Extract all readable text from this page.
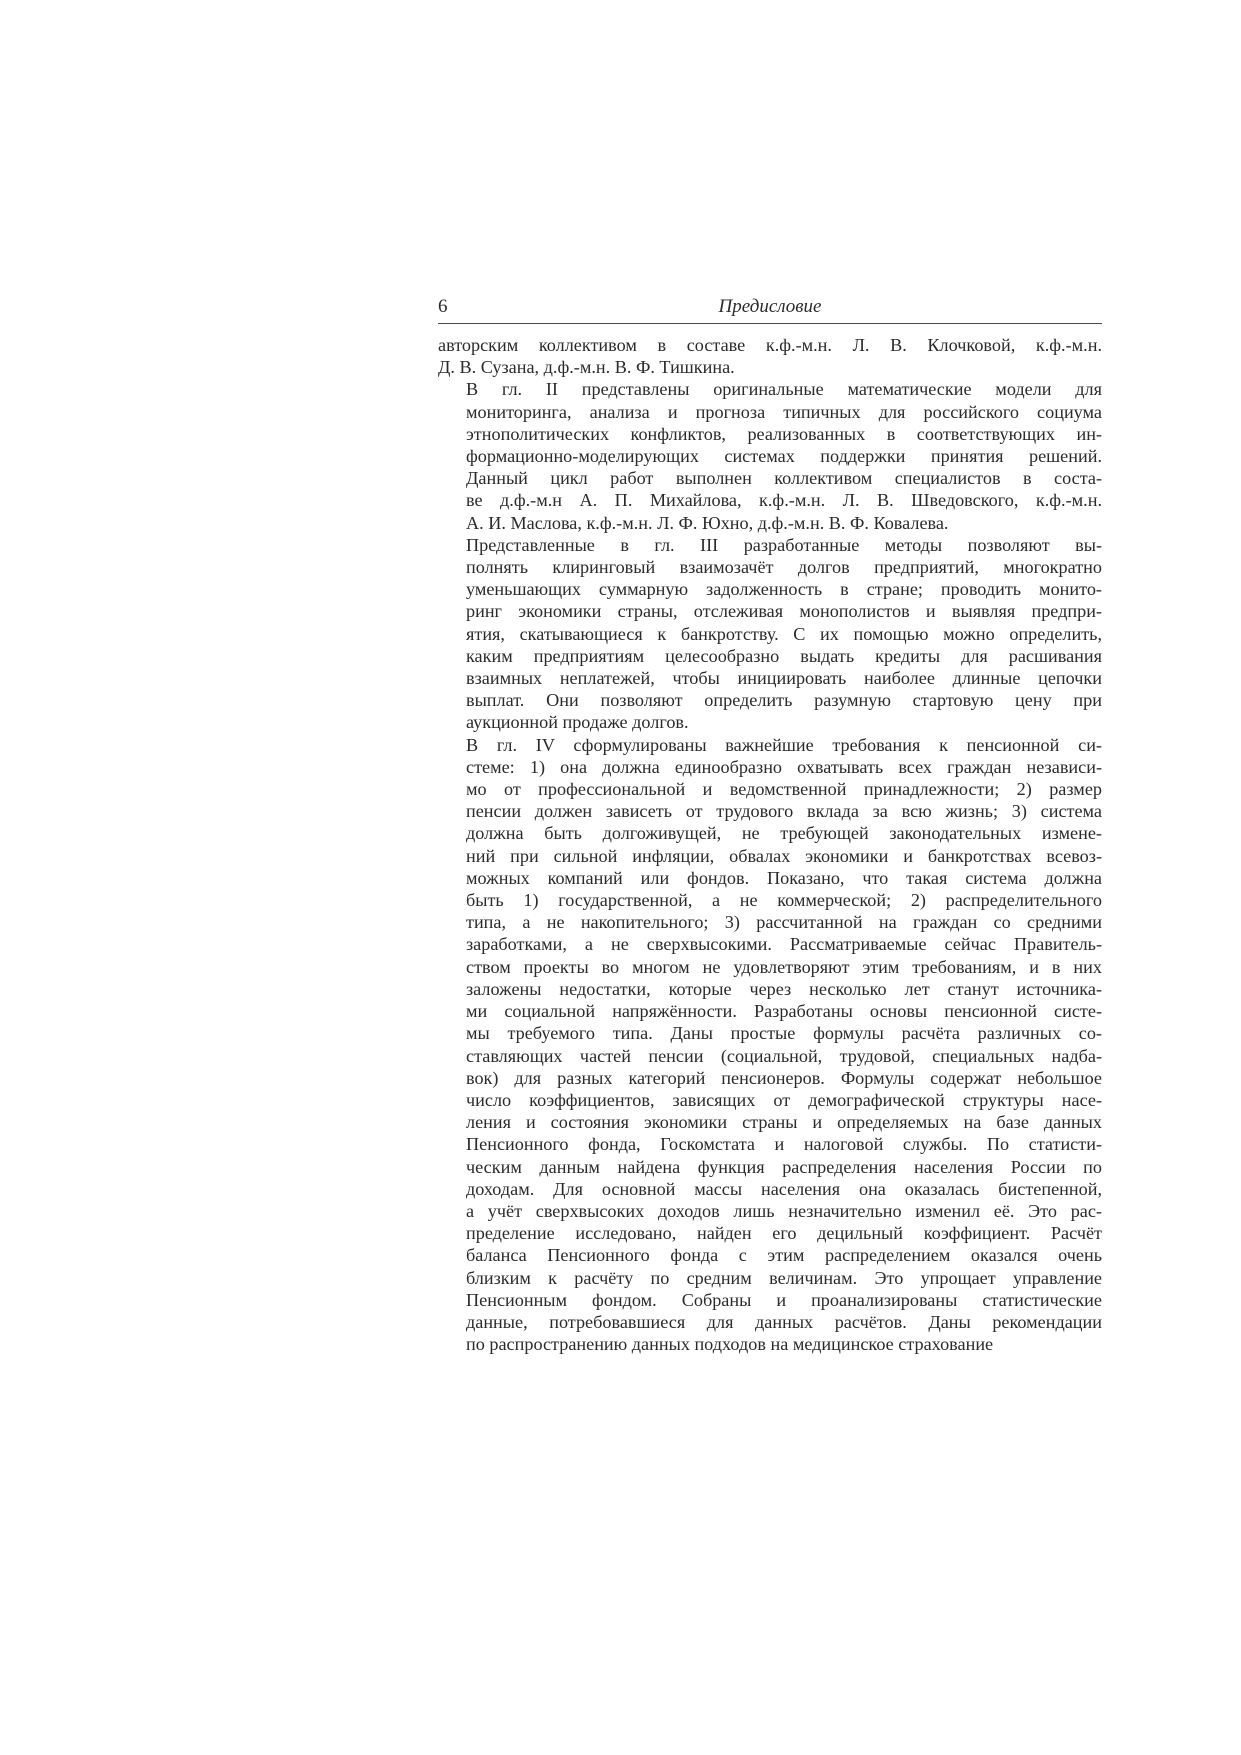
6	Предисловие

авторским коллективом в составе к.ф.-м.н. Л. В. Клочковой, к.ф.-м.н.
Д. В. Сузана, д.ф.-м.н. В. Ф. Тишкина.

В гл. II представлены оригинальные математические модели для
мониторинга, анализа и прогноза типичных для российского социума
этнополитических конфликтов, реализованных в соответствующих ин-
формационно-моделирующих системах поддержки принятия решений.
Данный цикл работ выполнен коллективом специалистов в соста-
ве д.ф.-м.н А. П. Михайлова, к.ф.-м.н. Л. В. Шведовского, к.ф.-м.н.
А. И. Маслова, к.ф.-м.н. Л. Ф. Юхно, д.ф.-м.н. В. Ф. Ковалева.

Представленные в гл. III разработанные методы позволяют вы-
полнять клиринговый взаимозачёт долгов предприятий, многократно
уменьшающих суммарную задолженность в стране; проводить монито-
ринг экономики страны, отслеживая монополистов и выявляя предпри-
ятия, скатывающиеся к банкротству. С их помощью можно определить,
каким предприятиям целесообразно выдать кредиты для расшивания
взаимных неплатежей, чтобы инициировать наиболее длинные цепочки
выплат. Они позволяют определить разумную стартовую цену при
аукционной продаже долгов.

В гл. IV сформулированы важнейшие требования к пенсионной си-
стеме: 1) она должна единообразно охватывать всех граждан независи-
мо от профессиональной и ведомственной принадлежности; 2) размер
пенсии должен зависеть от трудового вклада за всю жизнь; 3) система
должна быть долгоживущей, не требующей законодательных измене-
ний при сильной инфляции, обвалах экономики и банкротствах всевоз-
можных компаний или фондов. Показано, что такая система должна
быть 1) государственной, а не коммерческой; 2) распределительного
типа, а не накопительного; 3) рассчитанной на граждан со средними
заработками, а не сверхвысокими. Рассматриваемые сейчас Правитель-
ством проекты во многом не удовлетворяют этим требованиям, и в них
заложены недостатки, которые через несколько лет станут источника-
ми социальной напряжённости. Разработаны основы пенсионной систе-
мы требуемого типа. Даны простые формулы расчёта различных со-
ставляющих частей пенсии (социальной, трудовой, специальных надба-
вок) для разных категорий пенсионеров. Формулы содержат небольшое
число коэффициентов, зависящих от демографической структуры насе-
ления и состояния экономики страны и определяемых на базе данных
Пенсионного фонда, Госкомстата и налоговой службы. По статисти-
ческим данным найдена функция распределения населения России по
доходам. Для основной массы населения она оказалась бистепенной,
а учёт сверхвысоких доходов лишь незначительно изменил её. Это рас-
пределение исследовано, найден его децильный коэффициент. Расчёт
баланса Пенсионного фонда с этим распределением оказался очень
близким к расчёту по средним величинам. Это упрощает управление
Пенсионным фондом. Собраны и проанализированы статистические
данные, потребовавшиеся для данных расчётов. Даны рекомендации
по распространению данных подходов на медицинское страхование
